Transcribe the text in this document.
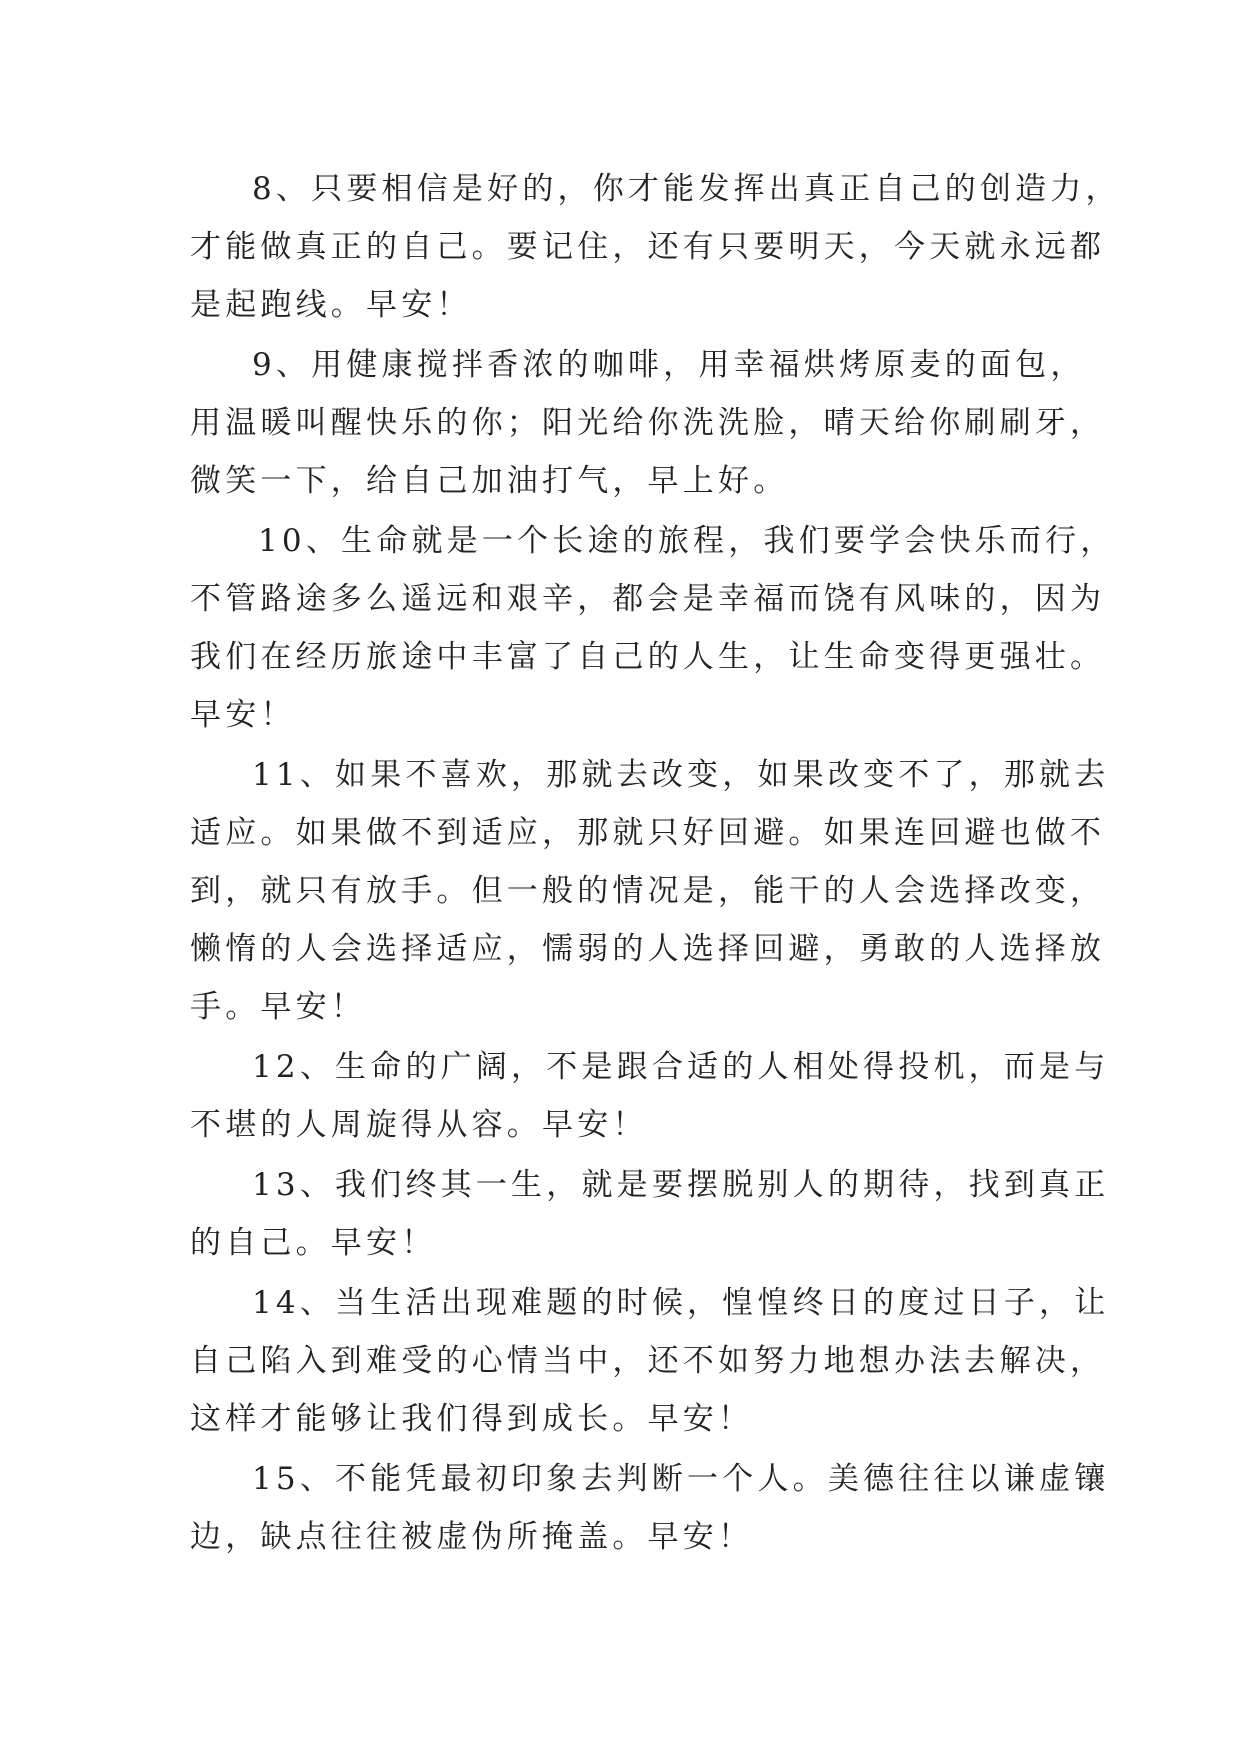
8、只要相信是好的，你才能发挥出真正自己的创造力，
才能做真正的自己。要记住，还有只要明天，今天就永远都
是起跑线。早安！
9、用健康搅拌香浓的咖啡，用幸福烘烤原麦的面包，
用温暖叫醒快乐的你；阳光给你洗洗脸，晴天给你刷刷牙，
微笑一下，给自己加油打气，早上好。
10、生命就是一个长途的旅程，我们要学会快乐而行，
不管路途多么遥远和艰辛，都会是幸福而饶有风味的，因为
我们在经历旅途中丰富了自己的人生，让生命变得更强壮。
早安！
11、如果不喜欢，那就去改变，如果改变不了，那就去
适应。如果做不到适应，那就只好回避。如果连回避也做不
到，就只有放手。但一般的情况是，能干的人会选择改变，
懒惰的人会选择适应，懦弱的人选择回避，勇敢的人选择放
手。早安！
12、生命的广阔，不是跟合适的人相处得投机，而是与
不堪的人周旋得从容。早安！
13、我们终其一生，就是要摆脱别人的期待，找到真正
的自己。早安！
14、当生活出现难题的时候，惶惶终日的度过日子，让
自己陷入到难受的心情当中，还不如努力地想办法去解决，
这样才能够让我们得到成长。早安！
15、不能凭最初印象去判断一个人。美德往往以谦虚镶
边，缺点往往被虚伪所掩盖。早安！
